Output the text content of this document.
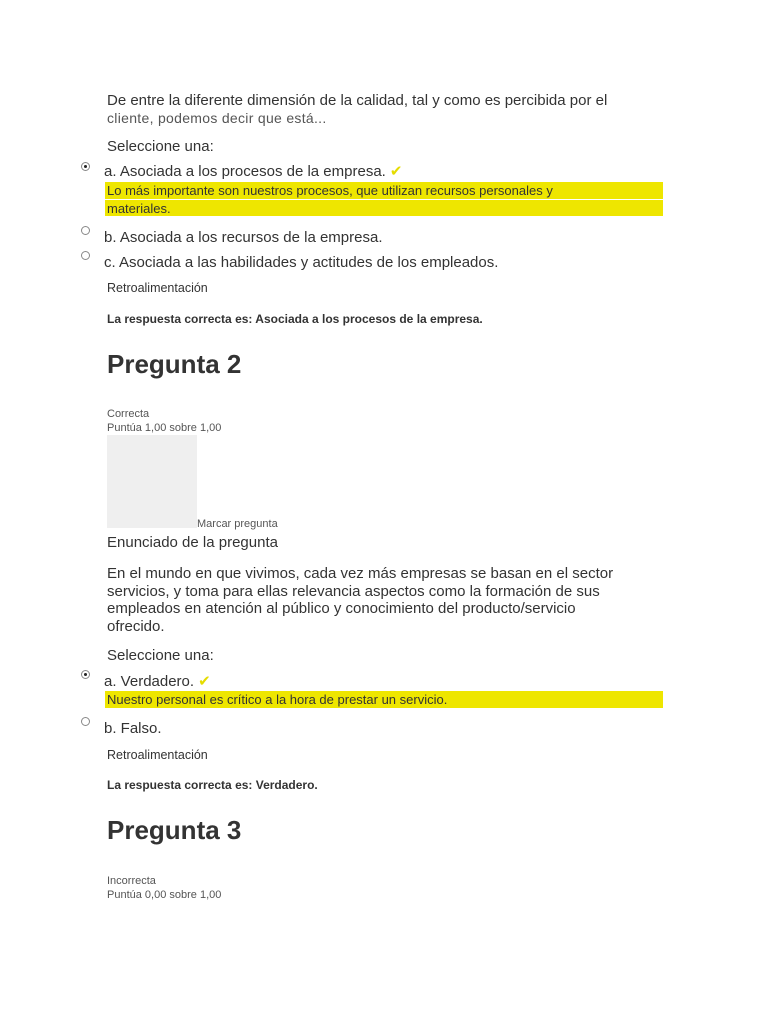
De entre la diferente dimensión de la calidad, tal y como es percibida por el
cliente, podemos decir que está...
Seleccione una:
a. Asociada a los procesos de la empresa. ✔
Lo más importante son nuestros procesos, que utilizan recursos personales y
materiales.
b. Asociada a los recursos de la empresa.
c. Asociada a las habilidades y actitudes de los empleados.
Retroalimentación
La respuesta correcta es: Asociada a los procesos de la empresa.
Pregunta 2
Correcta
Puntúa 1,00 sobre 1,00
Marcar pregunta
Enunciado de la pregunta
En el mundo en que vivimos, cada vez más empresas se basan en el sector
servicios, y toma para ellas relevancia aspectos como la formación de sus
empleados en atención al público y conocimiento del producto/servicio
ofrecido.
Seleccione una:
a. Verdadero. ✔
Nuestro personal es crítico a la hora de prestar un servicio.
b. Falso.
Retroalimentación
La respuesta correcta es: Verdadero.
Pregunta 3
Incorrecta
Puntúa 0,00 sobre 1,00
